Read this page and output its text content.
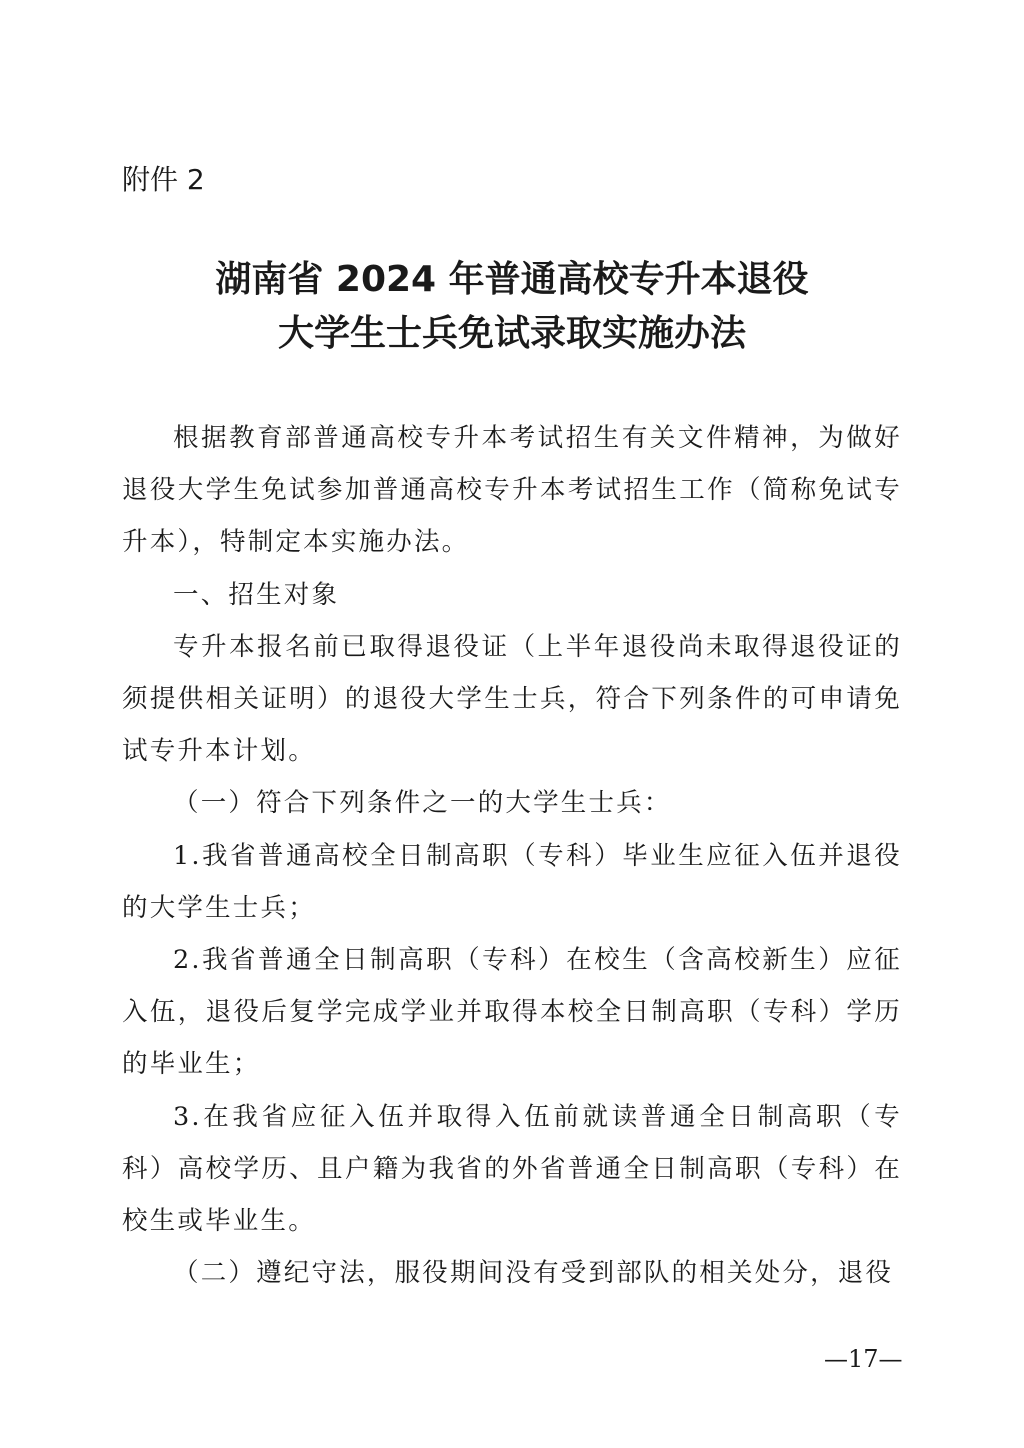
附件 2

湖南省 2024 年普通高校专升本退役
大学生士兵免试录取实施办法

根据教育部普通高校专升本考试招生有关文件精神，为做好退役大学生免试参加普通高校专升本考试招生工作（简称免试专升本），特制定本实施办法。

一、招生对象

专升本报名前已取得退役证（上半年退役尚未取得退役证的须提供相关证明）的退役大学生士兵，符合下列条件的可申请免试专升本计划。

（一）符合下列条件之一的大学生士兵：

1.我省普通高校全日制高职（专科）毕业生应征入伍并退役的大学生士兵；

2.我省普通全日制高职（专科）在校生（含高校新生）应征入伍，退役后复学完成学业并取得本校全日制高职（专科）学历的毕业生；

3.在我省应征入伍并取得入伍前就读普通全日制高职（专科）高校学历、且户籍为我省的外省普通全日制高职（专科）在校生或毕业生。

（二）遵纪守法，服役期间没有受到部队的相关处分，退役

—17—
